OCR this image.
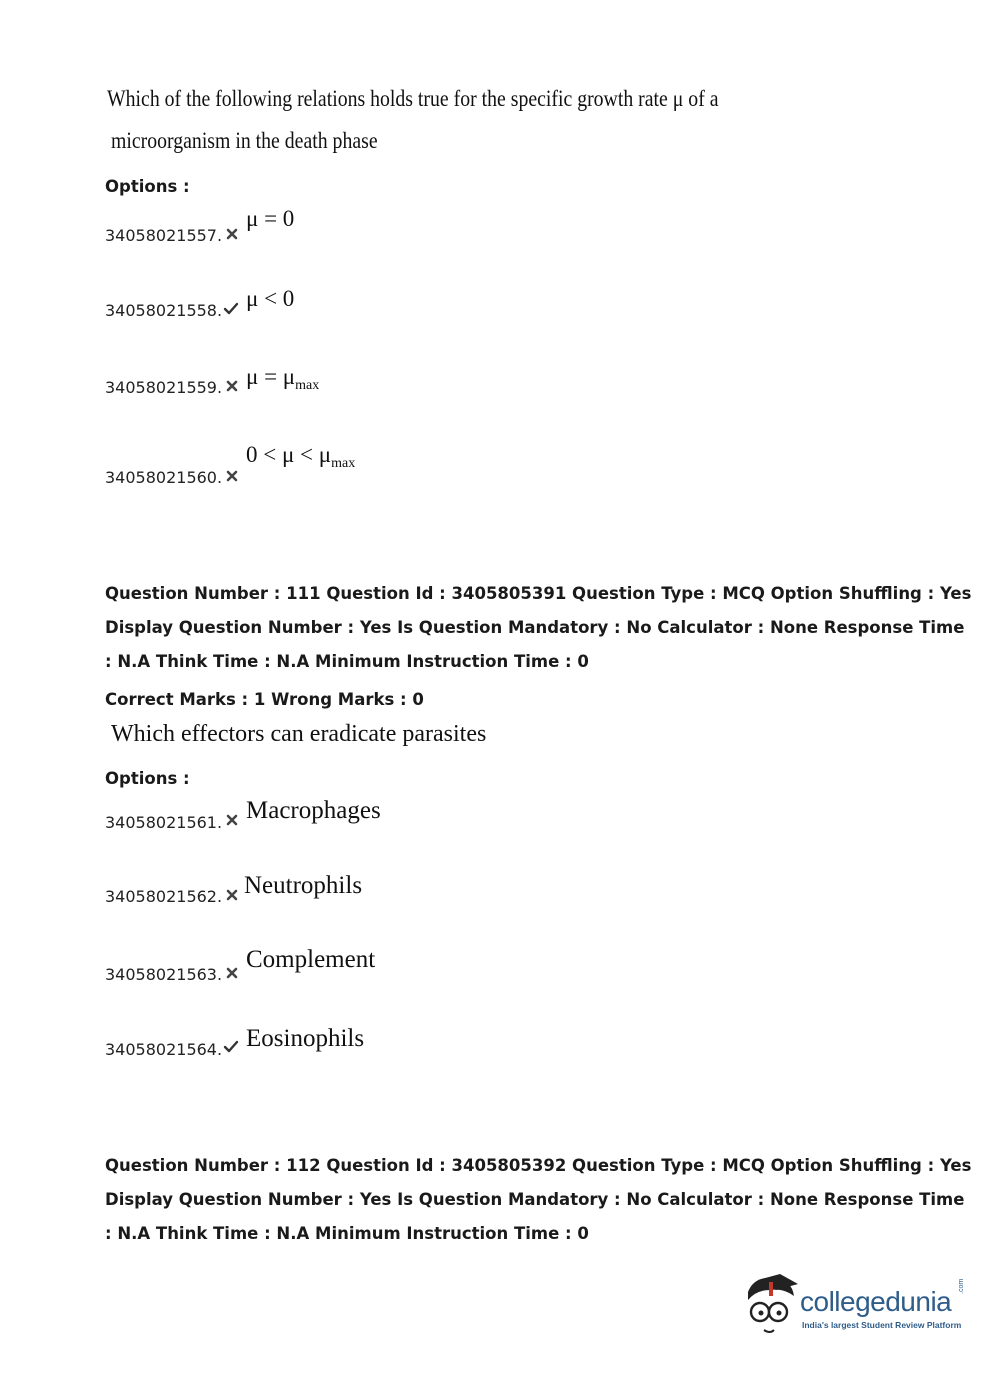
Which of the following relations holds true for the specific growth rate μ of a
microorganism in the death phase
Options :
34058021557.
μ = 0
34058021558. μ < 0
34058021559. $\mu = \mu_{max}$
34058021560.
$0 < \mu < \mu_{max}$
Question Number : 111 Question Id : 3405805391 Question Type : MCQ Option Shuffling : Yes
Display Question Number : Yes Is Question Mandatory : No Calculator : None Response Time
: N.A Think Time : N.A Minimum Instruction Time : 0
Correct Marks : 1 Wrong Marks : 0
Which effectors can eradicate parasites
Options :
34058021561. Macrophages
34058021562. Neutrophils
34058021563.
Complement
34058021564. Eosinophils
Question Number : 112 Question Id : 3405805392 Question Type : MCQ Option Shuffling : Yes
Display Question Number : Yes Is Question Mandatory : No Calculator : None Response Time
: N.A Think Time : N.A Minimum Instruction Time : 0
collegedunia .com
India's largest Student Review Platform
